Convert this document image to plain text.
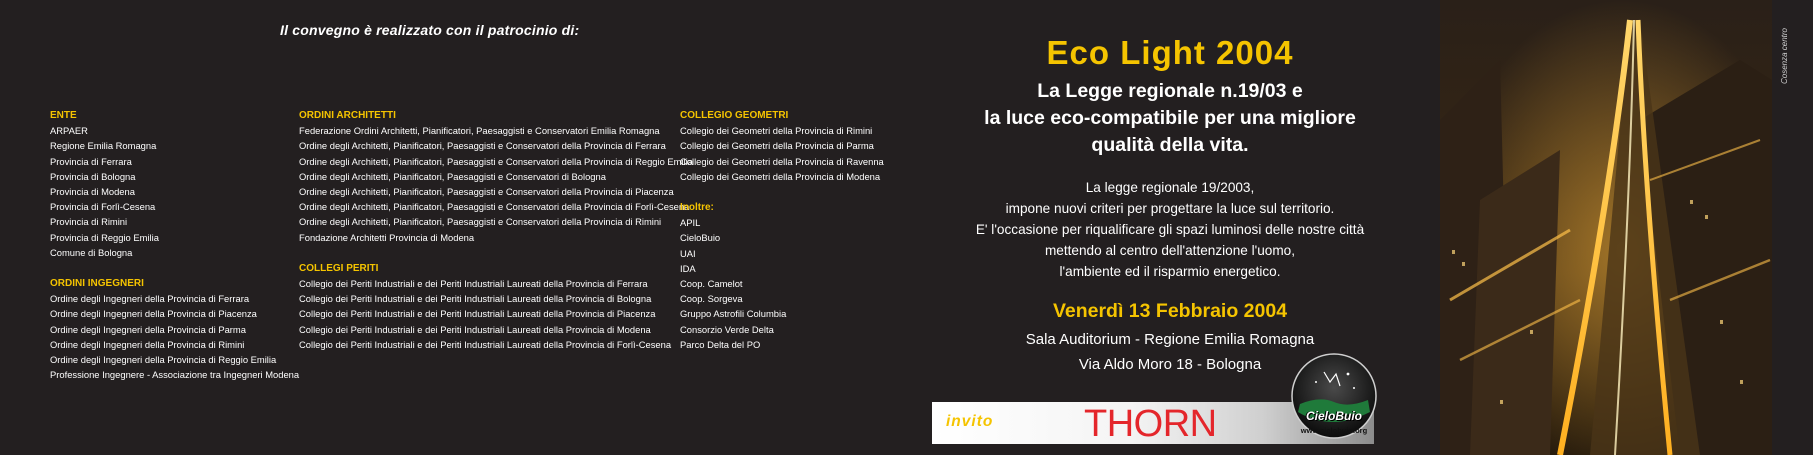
Il convegno è realizzato con il patrocinio di:
ENTE
ARPAER
Regione Emilia Romagna
Provincia di Ferrara
Provincia di Bologna
Provincia di Modena
Provincia di Forlì-Cesena
Provincia di Rimini
Provincia di Reggio Emilia
Comune di Bologna
ORDINI INGEGNERI
Ordine degli Ingegneri della Provincia di Ferrara
Ordine degli Ingegneri della Provincia di Piacenza
Ordine degli Ingegneri della Provincia di Parma
Ordine degli Ingegneri della Provincia di Rimini
Ordine degli Ingegneri della Provincia di Reggio Emilia
Professione Ingegnere - Associazione tra Ingegneri Modena
ORDINI ARCHITETTI
Federazione Ordini Architetti, Pianificatori, Paesaggisti e Conservatori Emilia Romagna
Ordine degli Architetti, Pianificatori, Paesaggisti e Conservatori della Provincia di Ferrara
Ordine degli Architetti, Pianificatori, Paesaggisti e Conservatori della Provincia di Reggio Emilia
Ordine degli Architetti, Pianificatori, Paesaggisti e Conservatori di Bologna
Ordine degli Architetti, Pianificatori, Paesaggisti e Conservatori della Provincia di Piacenza
Ordine degli Architetti, Pianificatori, Paesaggisti e Conservatori della Provincia di Forlì-Cesena
Ordine degli Architetti, Pianificatori, Paesaggisti e Conservatori della Provincia di Rimini
Fondazione Architetti Provincia di Modena
COLLEGI PERITI
Collegio dei Periti Industriali e dei Periti Industriali Laureati della Provincia di Ferrara
Collegio dei Periti Industriali e dei Periti Industriali Laureati della Provincia di Bologna
Collegio dei Periti Industriali e dei Periti Industriali Laureati della Provincia di Piacenza
Collegio dei Periti Industriali e dei Periti Industriali Laureati della Provincia di Modena
Collegio dei Periti Industriali e dei Periti Industriali Laureati della Provincia di Forlì-Cesena
COLLEGIO GEOMETRI
Collegio dei Geometri della Provincia di Rimini
Collegio dei Geometri della Provincia di Parma
Collegio dei Geometri della Provincia di Ravenna
Collegio dei Geometri della Provincia di Modena
Inoltre:
APIL
CieloBuio
UAI
IDA
Coop. Camelot
Coop. Sorgeva
Gruppo Astrofili Columbia
Consorzio Verde Delta
Parco Delta del PO
Eco Light 2004
La Legge regionale n.19/03 e
la luce eco-compatibile per una migliore
qualità della vita.
La legge regionale 19/2003,
impone nuovi criteri per progettare la luce sul territorio.
E' l'occasione per riqualificare gli spazi luminosi delle nostre città
mettendo al centro dell'attenzione l'uomo,
l'ambiente ed il risparmio energetico.
Venerdì 13 Febbraio 2004
Sala Auditorium - Regione Emilia Romagna
Via Aldo Moro 18 - Bologna
invito THORN	CieloBuio
www.cielobuio.org
Cosenza centro
